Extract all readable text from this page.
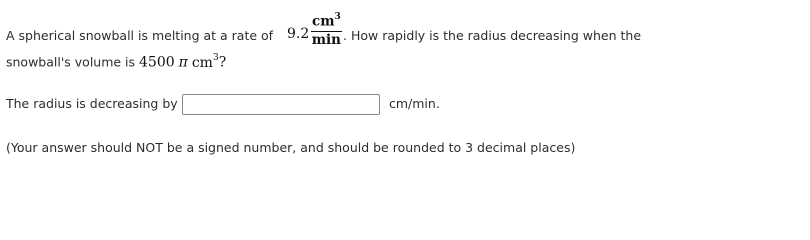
A spherical snowball is melting at a rate of 9.2
$cm^3$
min . How rapidly is the radius decreasing when the
snowball's volume is 4500 π $cm^3$?
The radius is decreasing by	cm/min.
(Your answer should NOT be a signed number, and should be rounded to 3 decimal places)
